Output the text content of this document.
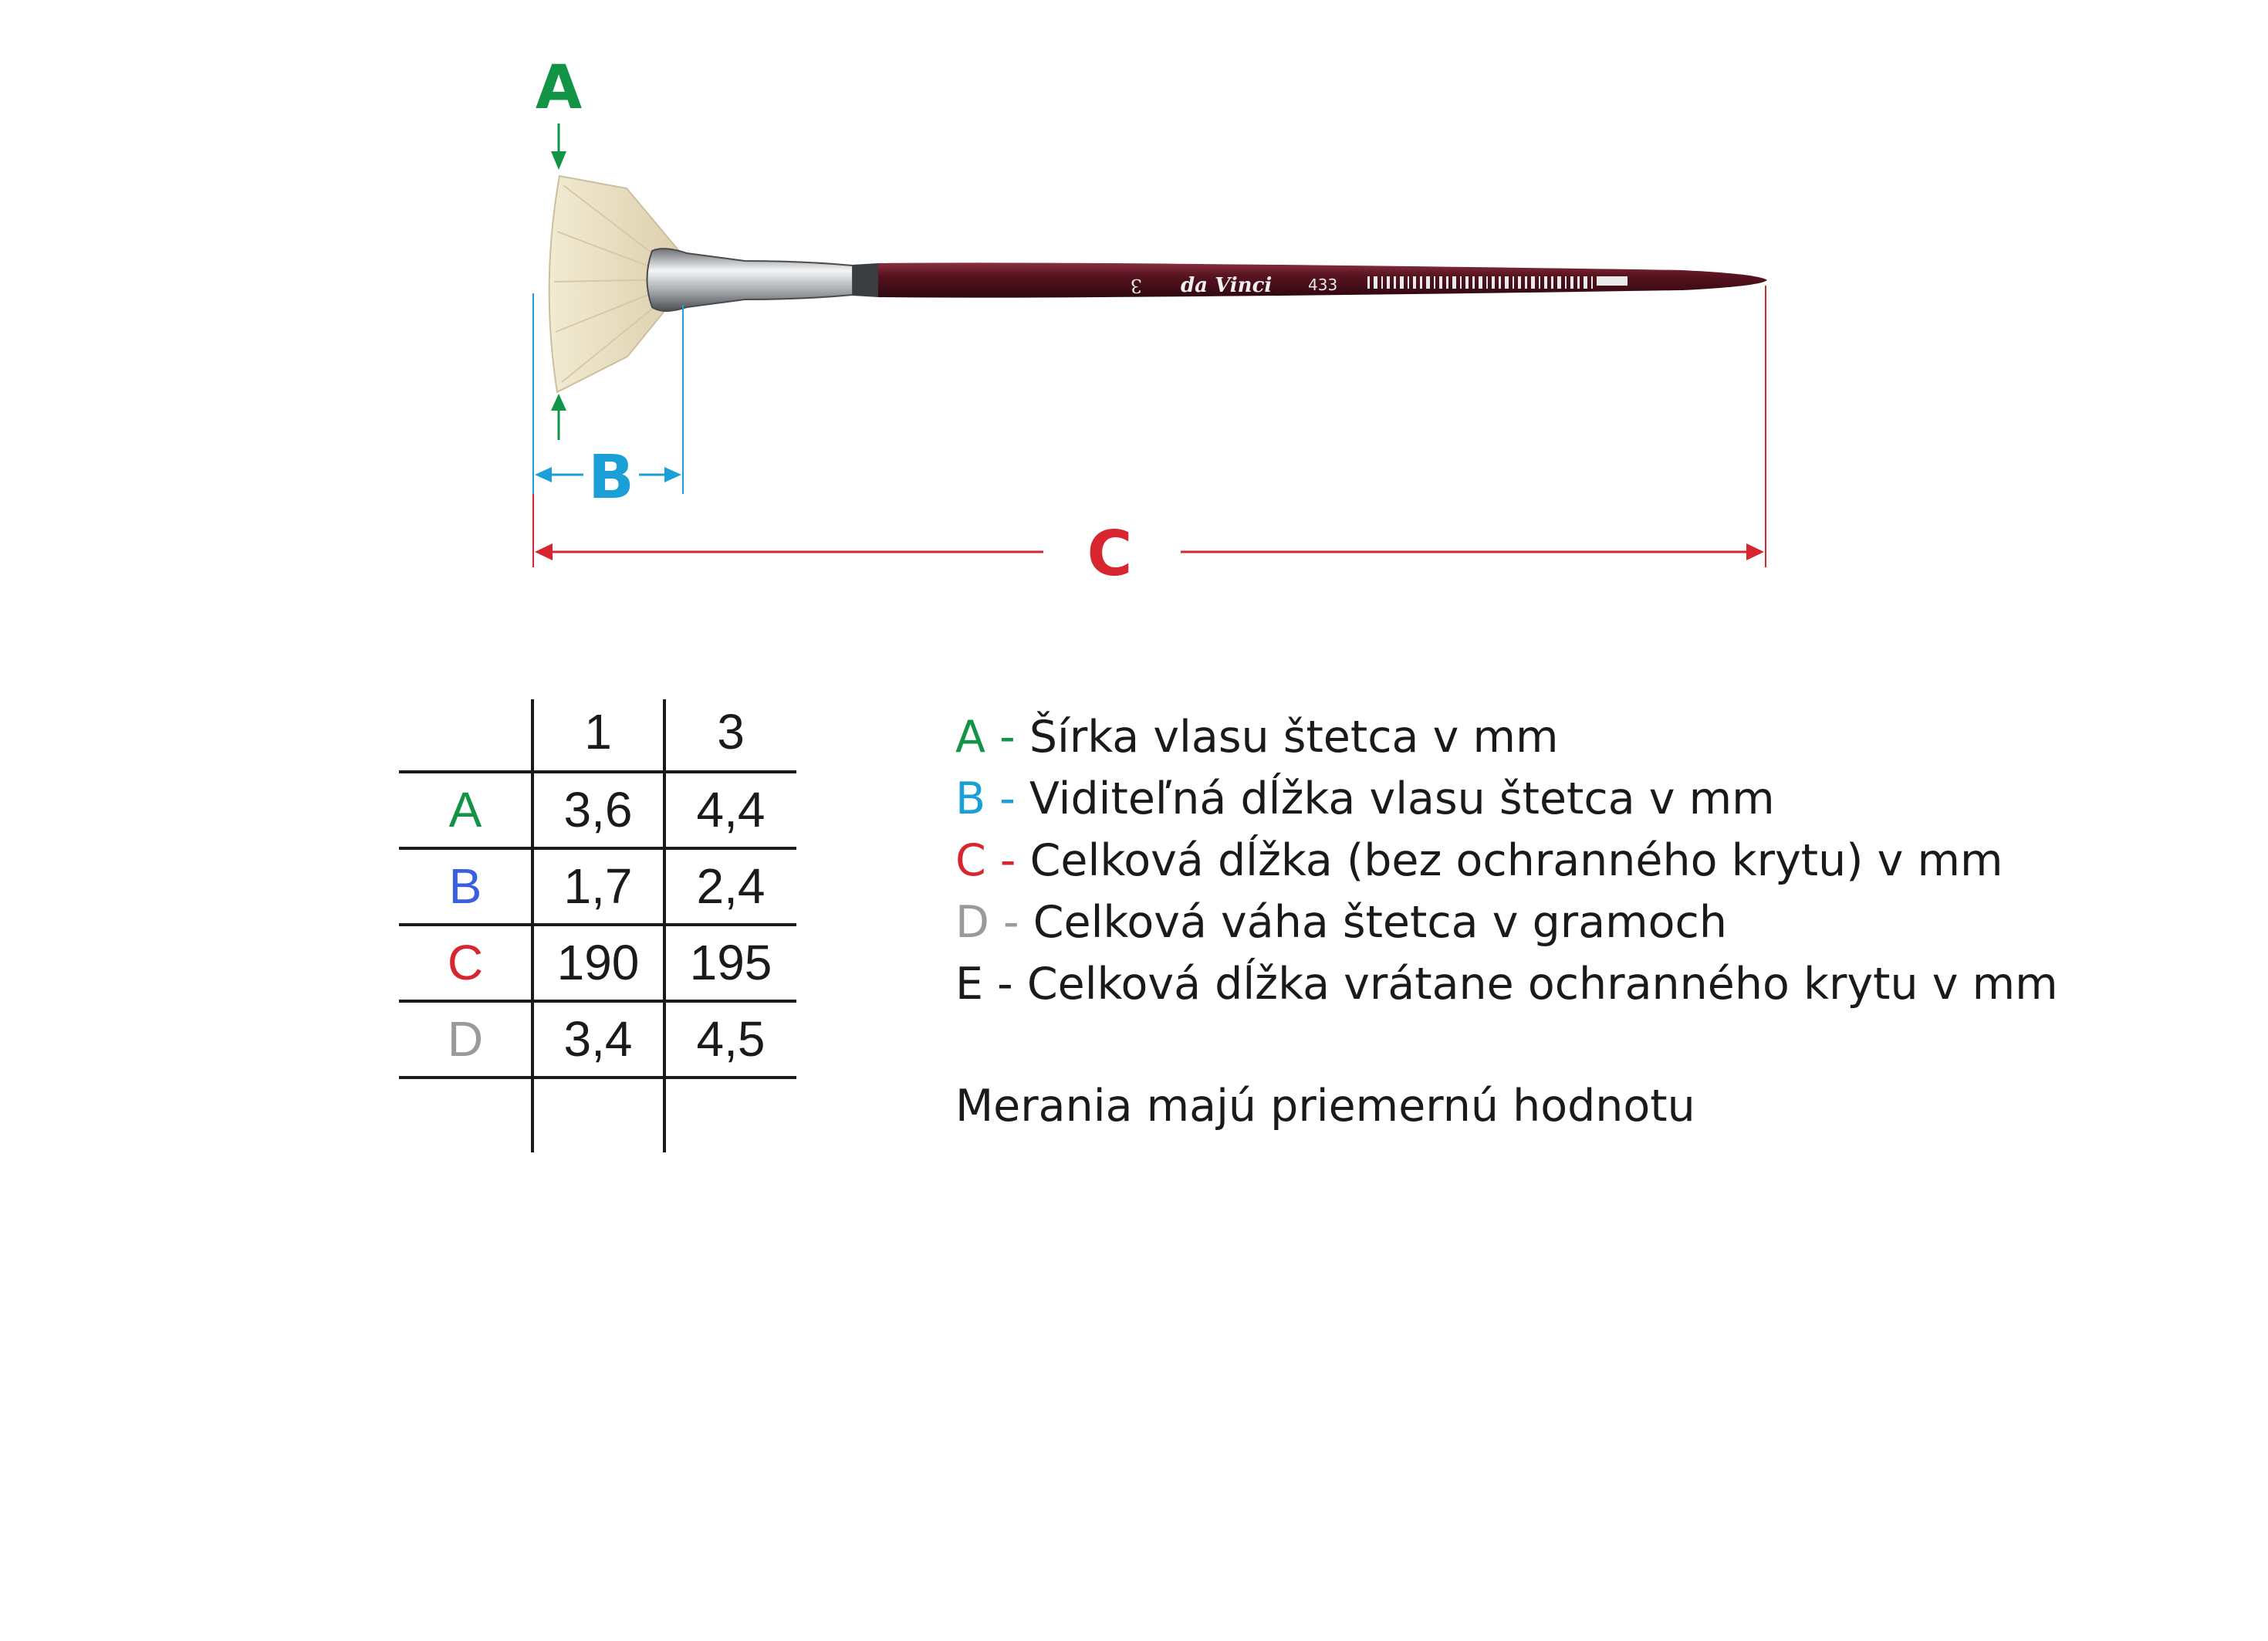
3 da Vinci 433
A
B
C
1 3
A 3,6 4,4
B 1,7 2,4
C 190 195
D 3,4 4,5
A - Šírka vlasu štetca v mm
B - Viditeľná dĺžka vlasu štetca v mm
C - Celková dĺžka (bez ochranného krytu) v mm
D - Celková váha štetca v gramoch
E - Celková dĺžka vrátane ochranného krytu v mm
Merania majú priemernú hodnotu
